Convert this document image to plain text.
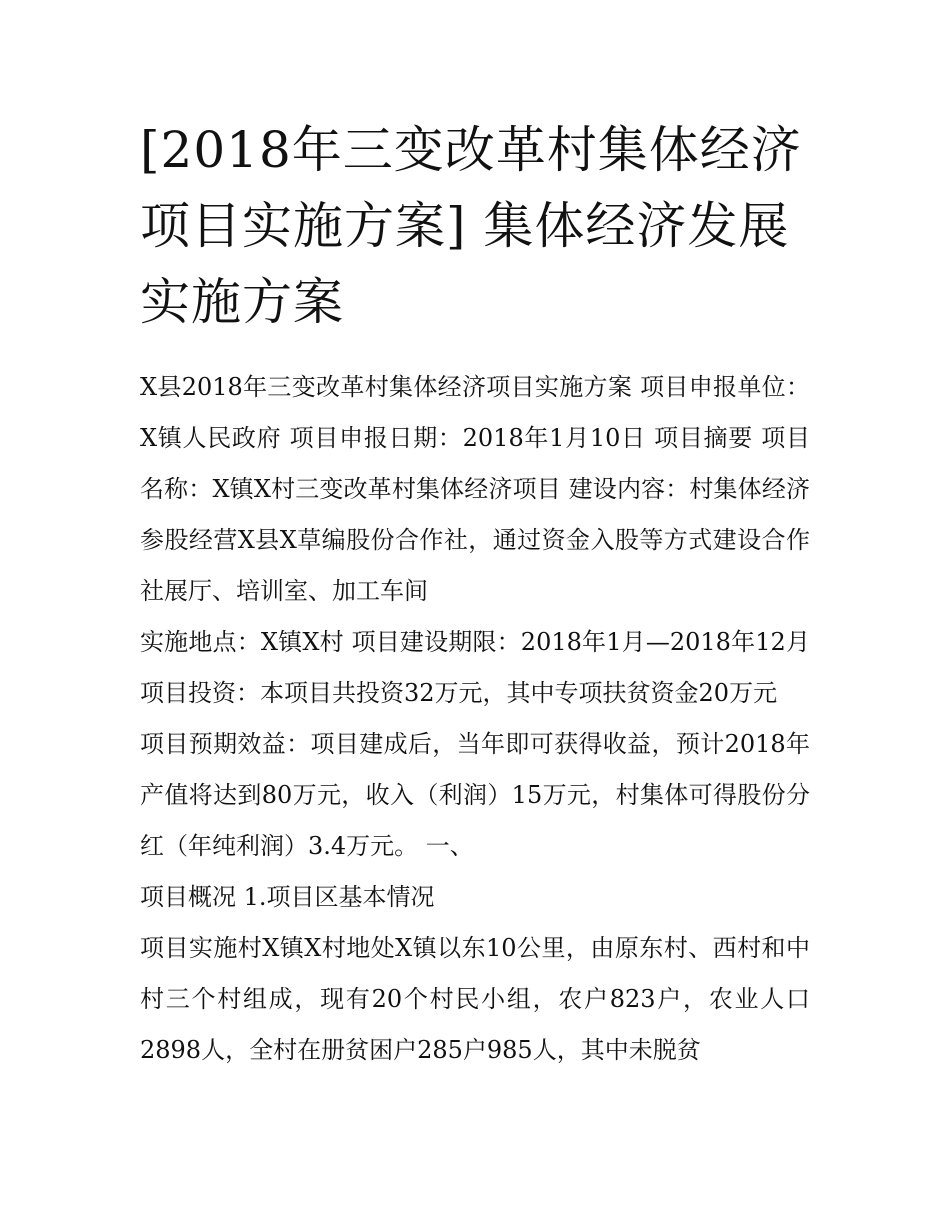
[2018年三变改革村集体经济项目实施方案] 集体经济发展实施方案

X县2018年三变改革村集体经济项目实施方案 项目申报单位： X镇人民政府 项目申报日期：2018年1月10日 项目摘要 项目名称：X镇X村三变改革村集体经济项目 建设内容：村集体经济参股经营X县X草编股份合作社，通过资金入股等方式建设合作社展厅、培训室、加工车间

实施地点：X镇X村 项目建设期限：2018年1月—2018年12月 项目投资：本项目共投资32万元，其中专项扶贫资金20万元

项目预期效益：项目建成后，当年即可获得收益，预计2018年产值将达到80万元，收入（利润）15万元，村集体可得股份分红（年纯利润）3.4万元。 一、

项目概况 1.项目区基本情况

项目实施村X镇X村地处X镇以东10公里，由原东村、西村和中村三个村组成，现有20个村民小组，农户823户，农业人口2898人，全村在册贫困户285户985人，其中未脱贫
